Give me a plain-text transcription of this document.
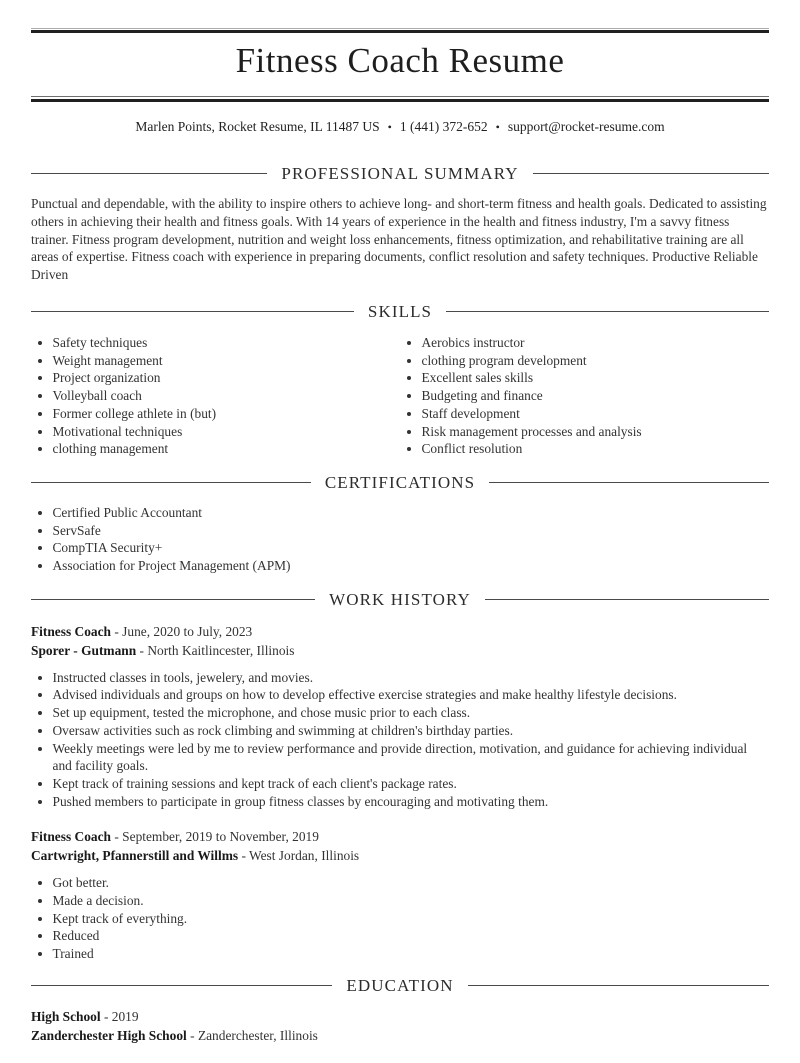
Fitness Coach Resume
Marlen Points, Rocket Resume, IL 11487 US • 1 (441) 372-652 • support@rocket-resume.com
PROFESSIONAL SUMMARY

Punctual and dependable, with the ability to inspire others to achieve long- and short-term fitness and health goals. Dedicated to assisting others in achieving their health and fitness goals. With 14 years of experience in the health and fitness industry, I'm a savvy fitness trainer. Fitness program development, nutrition and weight loss enhancements, fitness optimization, and rehabilitative training are all areas of expertise. Fitness coach with experience in preparing documents, conflict resolution and safety techniques. Productive Reliable Driven

SKILLS
• Safety techniques
• Weight management
• Project organization
• Volleyball coach
• Former college athlete in (but)
• Motivational techniques
• clothing management
• Aerobics instructor
• clothing program development
• Excellent sales skills
• Budgeting and finance
• Staff development
• Risk management processes and analysis
• Conflict resolution
CERTIFICATIONS
• Certified Public Accountant
• ServSafe
• CompTIA Security+
• Association for Project Management (APM)
WORK HISTORY
Fitness Coach - June, 2020 to July, 2023
Sporer - Gutmann - North Kaitlincester, Illinois
• Instructed classes in tools, jewelery, and movies.
• Advised individuals and groups on how to develop effective exercise strategies and make healthy lifestyle decisions.
• Set up equipment, tested the microphone, and chose music prior to each class.
• Oversaw activities such as rock climbing and swimming at children's birthday parties.
• Weekly meetings were led by me to review performance and provide direction, motivation, and guidance for achieving individual and facility goals.
• Kept track of training sessions and kept track of each client's package rates.
• Pushed members to participate in group fitness classes by encouraging and motivating them.
Fitness Coach - September, 2019 to November, 2019
Cartwright, Pfannerstill and Willms - West Jordan, Illinois
• Got better.
• Made a decision.
• Kept track of everything.
• Reduced
• Trained
EDUCATION
High School - 2019
Zanderchester High School - Zanderchester, Illinois
